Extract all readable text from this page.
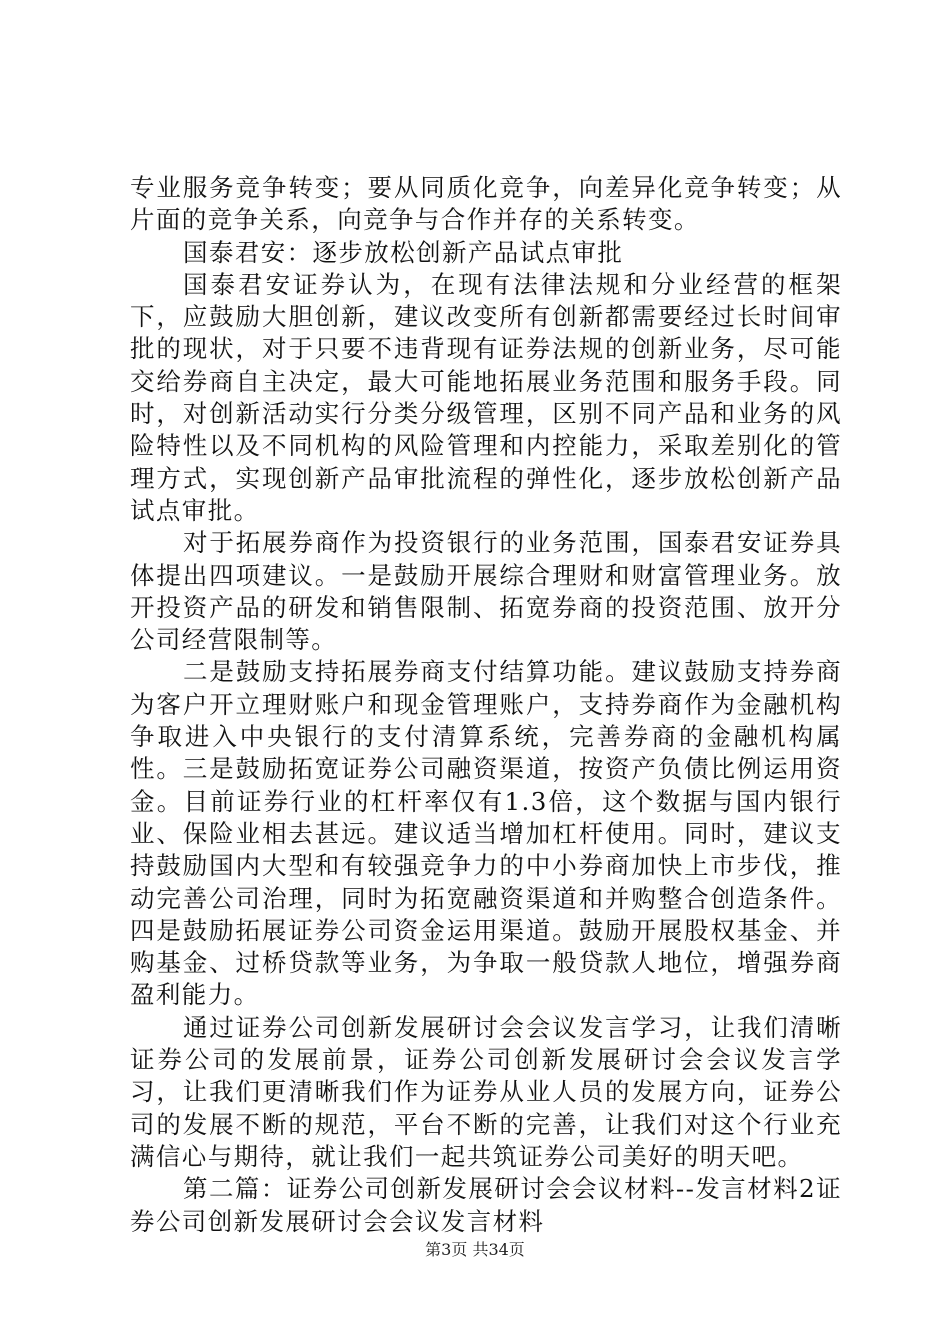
专业服务竞争转变；要从同质化竞争，向差异化竞争转变；从片面的竞争关系，向竞争与合作并存的关系转变。

国泰君安：逐步放松创新产品试点审批

国泰君安证券认为，在现有法律法规和分业经营的框架下，应鼓励大胆创新，建议改变所有创新都需要经过长时间审批的现状，对于只要不违背现有证券法规的创新业务，尽可能交给券商自主决定，最大可能地拓展业务范围和服务手段。同时，对创新活动实行分类分级管理，区别不同产品和业务的风险特性以及不同机构的风险管理和内控能力，采取差别化的管理方式，实现创新产品审批流程的弹性化，逐步放松创新产品试点审批。

对于拓展券商作为投资银行的业务范围，国泰君安证券具体提出四项建议。一是鼓励开展综合理财和财富管理业务。放开投资产品的研发和销售限制、拓宽券商的投资范围、放开分公司经营限制等。

二是鼓励支持拓展券商支付结算功能。建议鼓励支持券商为客户开立理财账户和现金管理账户，支持券商作为金融机构争取进入中央银行的支付清算系统，完善券商的金融机构属性。三是鼓励拓宽证券公司融资渠道，按资产负债比例运用资金。目前证券行业的杠杆率仅有1.3倍，这个数据与国内银行业、保险业相去甚远。建议适当增加杠杆使用。同时，建议支持鼓励国内大型和有较强竞争力的中小券商加快上市步伐，推动完善公司治理，同时为拓宽融资渠道和并购整合创造条件。四是鼓励拓展证券公司资金运用渠道。鼓励开展股权基金、并购基金、过桥贷款等业务，为争取一般贷款人地位，增强券商盈利能力。

通过证券公司创新发展研讨会会议发言学习，让我们清晰证券公司的发展前景，证券公司创新发展研讨会会议发言学习，让我们更清晰我们作为证券从业人员的发展方向，证券公司的发展不断的规范，平台不断的完善，让我们对这个行业充满信心与期待，就让我们一起共筑证券公司美好的明天吧。

第二篇：证券公司创新发展研讨会会议材料--发言材料2证券公司创新发展研讨会会议发言材料

第3页 共34页
